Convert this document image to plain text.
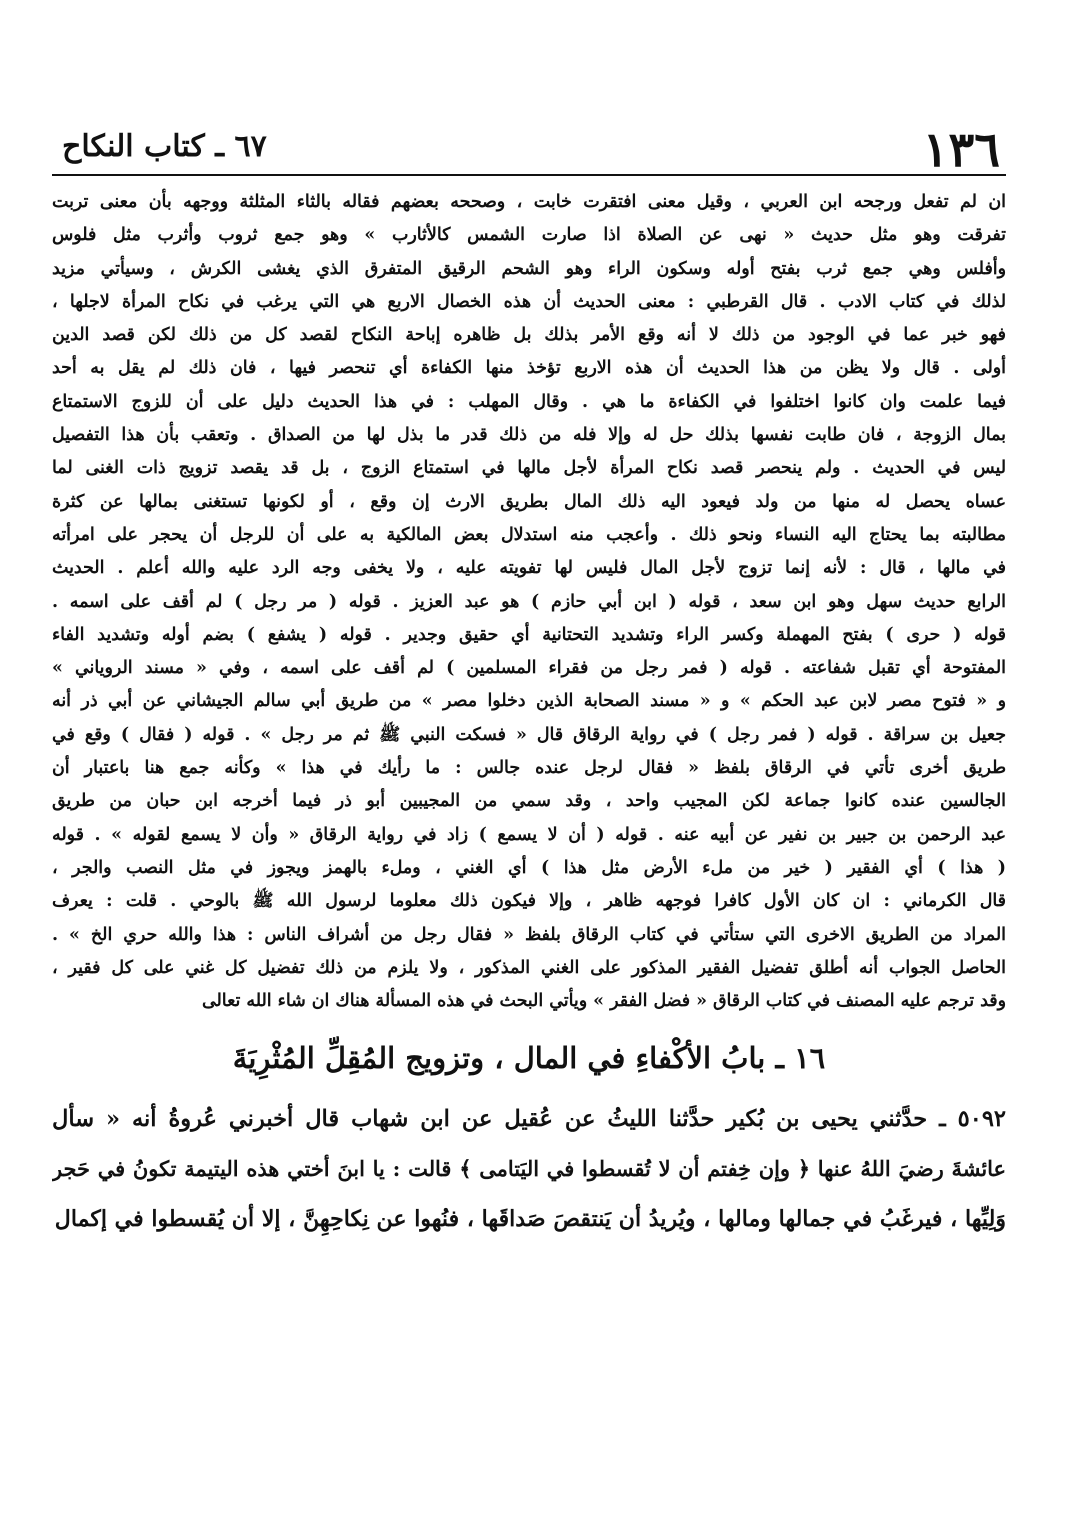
١٣٦
٦٧ ـ كتاب النكاح
ان لم تفعل ورجحه ابن العربي ، وقيل معنى افتقرت خابت ، وصححه بعضهم فقاله بالثاء المثلثة ووجهه بأن معنى تربت
تفرقت وهو مثل حديث « نهى عن الصلاة اذا صارت الشمس كالأثارب » وهو جمع ثروب وأثرب مثل فلوس
وأفلس وهي جمع ثرب بفتح أوله وسكون الراء وهو الشحم الرقيق المتفرق الذي يغشى الكرش ، وسيأتي مزيد
لذلك في كتاب الادب . قال القرطبي : معنى الحديث أن هذه الخصال الاربع هي التي يرغب في نكاح المرأة لاجلها ،
فهو خبر عما في الوجود من ذلك لا أنه وقع الأمر بذلك بل ظاهره إباحة النكاح لقصد كل من ذلك لكن قصد الدين
أولى . قال ولا يظن من هذا الحديث أن هذه الاربع تؤخذ منها الكفاءة أي تنحصر فيها ، فان ذلك لم يقل به أحد
فيما علمت وان كانوا اختلفوا في الكفاءة ما هي . وقال المهلب : في هذا الحديث دليل على أن للزوج الاستمتاع
بمال الزوجة ، فان طابت نفسها بذلك حل له وإلا فله من ذلك قدر ما بذل لها من الصداق . وتعقب بأن هذا التفصيل
ليس في الحديث . ولم ينحصر قصد نكاح المرأة لأجل مالها في استمتاع الزوج ، بل قد يقصد تزويج ذات الغنى لما
عساه يحصل له منها من ولد فيعود اليه ذلك المال بطريق الارث إن وقع ، أو لكونها تستغنى بمالها عن كثرة
مطالبته بما يحتاج اليه النساء ونحو ذلك . وأعجب منه استدلال بعض المالكية به على أن للرجل أن يحجر على امرأته
في مالها ، قال : لأنه إنما تزوج لأجل المال فليس لها تفويته عليه ، ولا يخفى وجه الرد عليه والله أعلم . الحديث
الرابع حديث سهل وهو ابن سعد ، قوله ( ابن أبي حازم ) هو عبد العزيز . قوله ( مر رجل ) لم أقف على اسمه .
قوله ( حرى ) بفتح المهملة وكسر الراء وتشديد التحتانية أي حقيق وجدير . قوله ( يشفع ) بضم أوله وتشديد الفاء
المفتوحة أي تقبل شفاعته . قوله ( فمر رجل من فقراء المسلمين ) لم أقف على اسمه ، وفي « مسند الروياني »
و « فتوح مصر لابن عبد الحكم » و « مسند الصحابة الذين دخلوا مصر » من طريق أبي سالم الجيشاني عن أبي ذر أنه
جعيل بن سراقة . قوله ( فمر رجل ) في رواية الرقاق قال « فسكت النبي ﷺ ثم مر رجل » . قوله ( فقال ) وقع في
طريق أخرى تأتي في الرقاق بلفظ « فقال لرجل عنده جالس : ما رأيك في هذا » وكأنه جمع هنا باعتبار أن
الجالسين عنده كانوا جماعة لكن المجيب واحد ، وقد سمي من المجيبين أبو ذر فيما أخرجه ابن حبان من طريق
عبد الرحمن بن جبير بن نفير عن أبيه عنه . قوله ( أن لا يسمع ) زاد في رواية الرقاق « وأن لا يسمع لقوله » . قوله
( هذا ) أي الفقير ( خير من ملء الأرض مثل هذا ) أي الغني ، وملء بالهمز ويجوز في مثل النصب والجر ،
قال الكرماني : ان كان الأول كافرا فوجهه ظاهر ، وإلا فيكون ذلك معلوما لرسول الله ﷺ بالوحي . قلت : يعرف
المراد من الطريق الاخرى التي ستأتي في كتاب الرقاق بلفظ « فقال رجل من أشراف الناس : هذا والله حري الخ » .
الحاصل الجواب أنه أطلق تفضيل الفقير المذكور على الغني المذكور ، ولا يلزم من ذلك تفضيل كل غني على كل فقير ،
وقد ترجم عليه المصنف في كتاب الرقاق « فضل الفقر » ويأتي البحث في هذه المسألة هناك ان شاء الله تعالى
١٦ ـ بابُ الأكْفاءِ في المال ، وتزويج المُقِلِّ المُثْرِيَةَ
٥٠٩٢ ـ حدَّثني يحيى بن بُكير حدَّثنا الليثُ عن عُقيل عن ابن شهاب قال أخبرني عُروةُ أنه « سأل
عائشةَ رضيَ اللهُ عنها ﴿ وإن خِفتم أن لا تُقسطوا في اليَتامى ﴾ قالت : يا ابنَ أختي هذه اليتيمة تكونُ في حَجر
وَلِيِّها ، فيرغَبُ في جمالها ومالها ، ويُريدُ أن يَنتقصَ صَداقَها ، فنُهوا عن نِكاحِهِنَّ ، إلا أن يُقسطوا في إكمال
